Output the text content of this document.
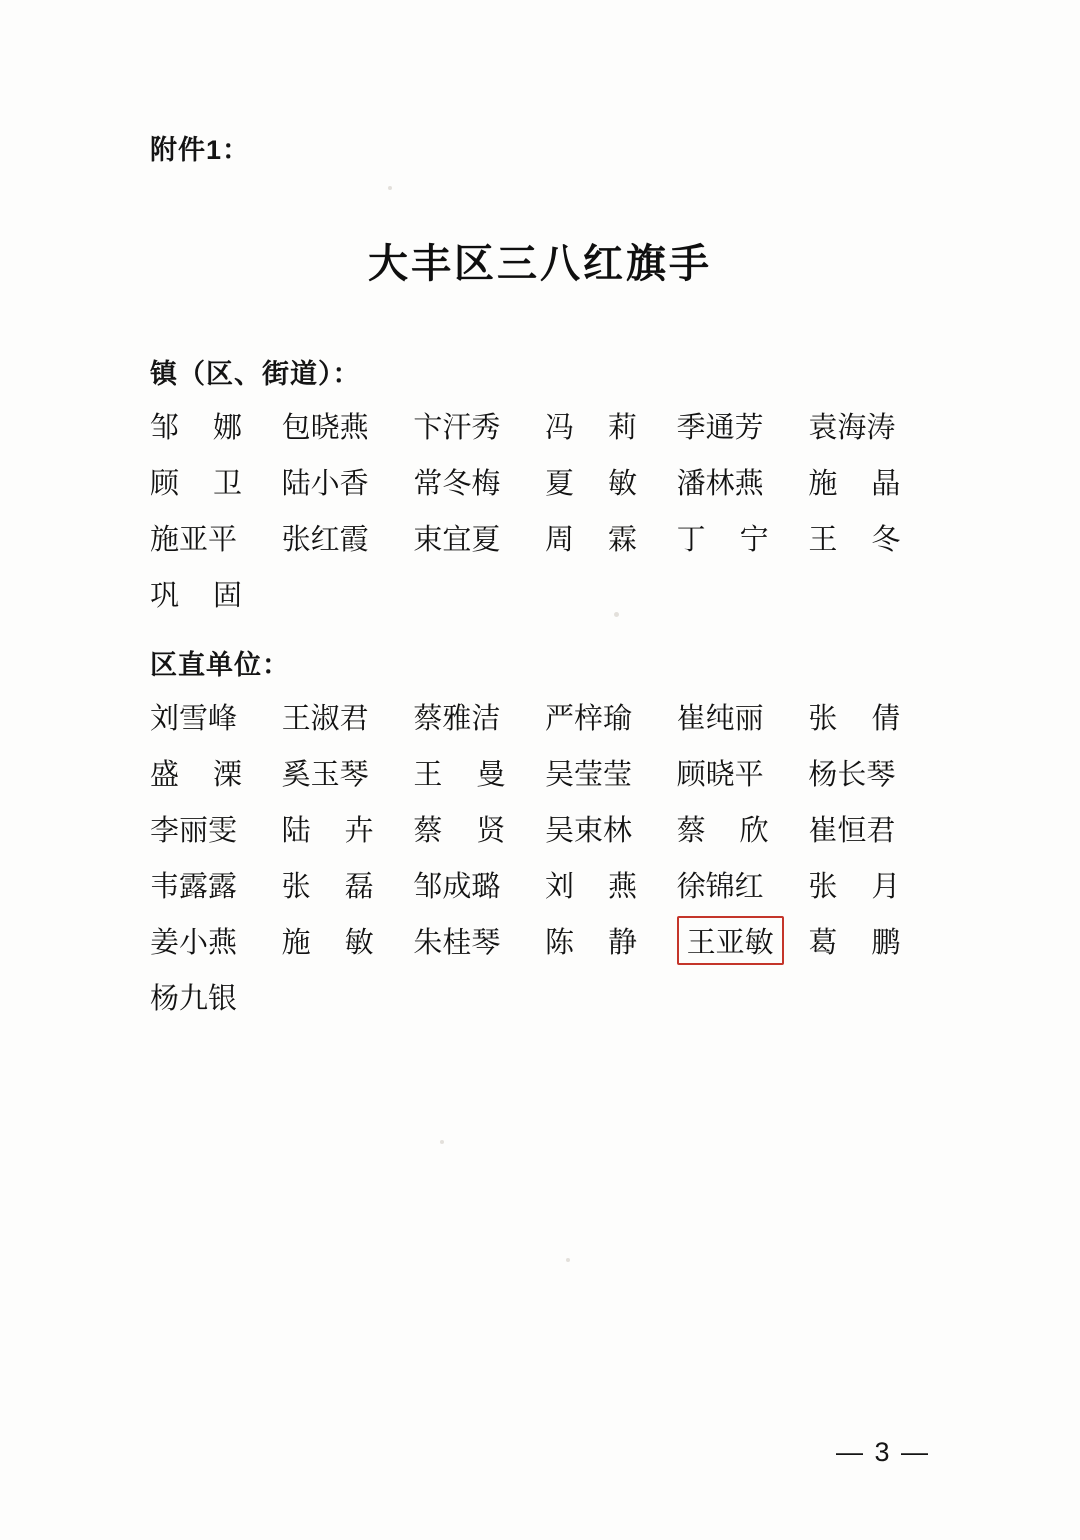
附件1：
大丰区三八红旗手
镇（区、街道）：
邹 娜 包晓燕 卞汗秀 冯 莉 季通芳 袁海涛
顾 卫 陆小香 常冬梅 夏 敏 潘林燕 施 晶
施亚平 张红霞 束宜夏 周 霖 丁 宁 王 冬
巩 固
区直单位：
刘雪峰 王淑君 蔡雅洁 严梓瑜 崔纯丽 张 倩
盛 溧 奚玉琴 王 曼 吴莹莹 顾晓平 杨长琴
李丽雯 陆 卉 蔡 贤 吴束林 蔡 欣 崔恒君
韦露露 张 磊 邹成璐 刘 燕 徐锦红 张 月
姜小燕 施 敏 朱桂琴 陈 静	王亚敏	葛 鹏
杨九银
— 3 —
